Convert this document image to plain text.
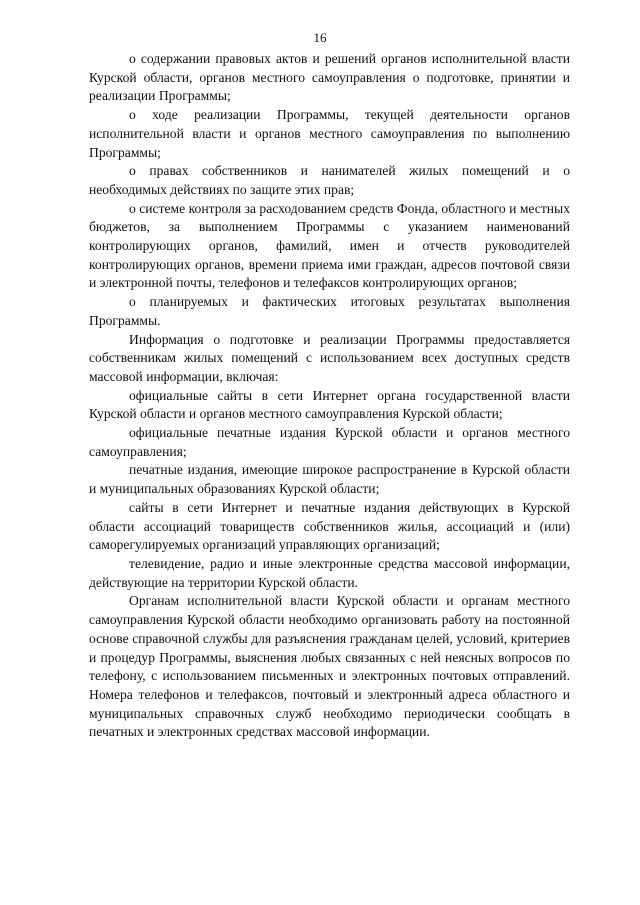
16

о содержании правовых актов и решений органов исполнительной власти Курской области, органов местного самоуправления о подготовке, принятии и реализации Программы;

о ходе реализации Программы, текущей деятельности органов исполнительной власти и органов местного самоуправления по выполнению Программы;

о правах собственников и нанимателей жилых помещений и о необходимых действиях по защите этих прав;

о системе контроля за расходованием средств Фонда, областного и местных бюджетов, за выполнением Программы с указанием наименований контролирующих органов, фамилий, имен и отчеств руководителей контролирующих органов, времени приема ими граждан, адресов почтовой связи и электронной почты, телефонов и телефаксов контролирующих органов;

о планируемых и фактических итоговых результатах выполнения Программы.

Информация о подготовке и реализации Программы предоставляется собственникам жилых помещений с использованием всех доступных средств массовой информации, включая:

официальные сайты в сети Интернет органа государственной власти Курской области и органов местного самоуправления Курской области;

официальные печатные издания Курской области и органов местного самоуправления;

печатные издания, имеющие широкое распространение в Курской области и муниципальных образованиях Курской области;

сайты в сети Интернет и печатные издания действующих в Курской области ассоциаций товариществ собственников жилья, ассоциаций и (или) саморегулируемых организаций управляющих организаций;

телевидение, радио и иные электронные средства массовой информации, действующие на территории Курской области.

Органам исполнительной власти Курской области и органам местного самоуправления Курской области необходимо организовать работу на постоянной основе справочной службы для разъяснения гражданам целей, условий, критериев и процедур Программы, выяснения любых связанных с ней неясных вопросов по телефону, с использованием письменных и электронных почтовых отправлений. Номера телефонов и телефаксов, почтовый и электронный адреса областного и муниципальных справочных служб необходимо периодически сообщать в печатных и электронных средствах массовой информации.
